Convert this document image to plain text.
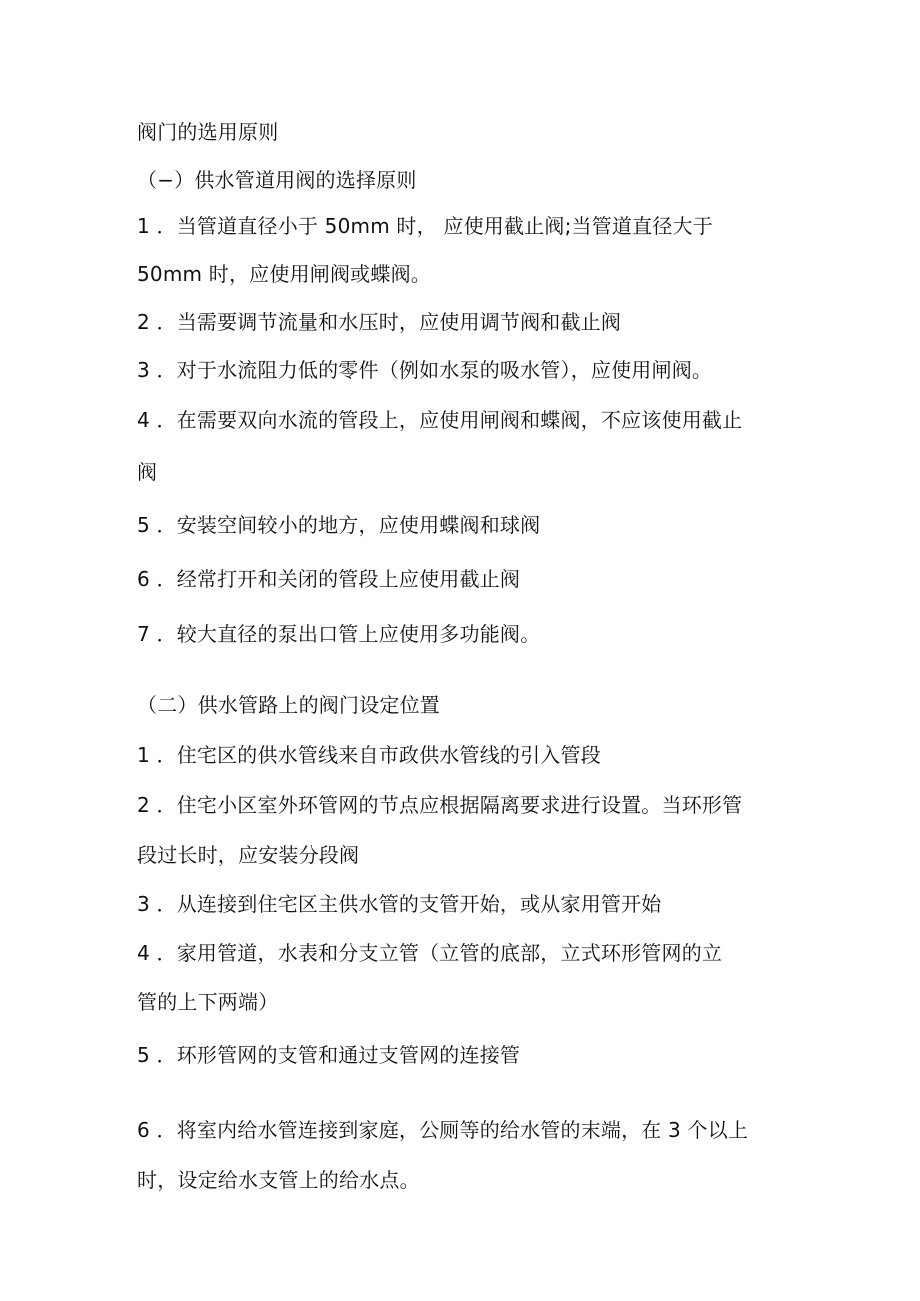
阀门的选用原则
（−）供水管道用阀的选择原则
1 ．当管道直径小于 50mm 时， 应使用截止阀;当管道直径大于
50mm 时，应使用闸阀或蝶阀。
2 ．当需要调节流量和水压时，应使用调节阀和截止阀
3 ．对于水流阻力低的零件（例如水泵的吸水管），应使用闸阀。
4 ．在需要双向水流的管段上，应使用闸阀和蝶阀，不应该使用截止
阀
5 ．安装空间较小的地方，应使用蝶阀和球阀
6 ．经常打开和关闭的管段上应使用截止阀
7 ．较大直径的泵出口管上应使用多功能阀。
（二）供水管路上的阀门设定位置
1 ．住宅区的供水管线来自市政供水管线的引入管段
2 ．住宅小区室外环管网的节点应根据隔离要求进行设置。当环形管
段过长时，应安装分段阀
3 ．从连接到住宅区主供水管的支管开始，或从家用管开始
4 ．家用管道，水表和分支立管（立管的底部，立式环形管网的立
管的上下两端）
5 ．环形管网的支管和通过支管网的连接管
6 ．将室内给水管连接到家庭，公厕等的给水管的末端，在 3 个以上
时，设定给水支管上的给水点。
